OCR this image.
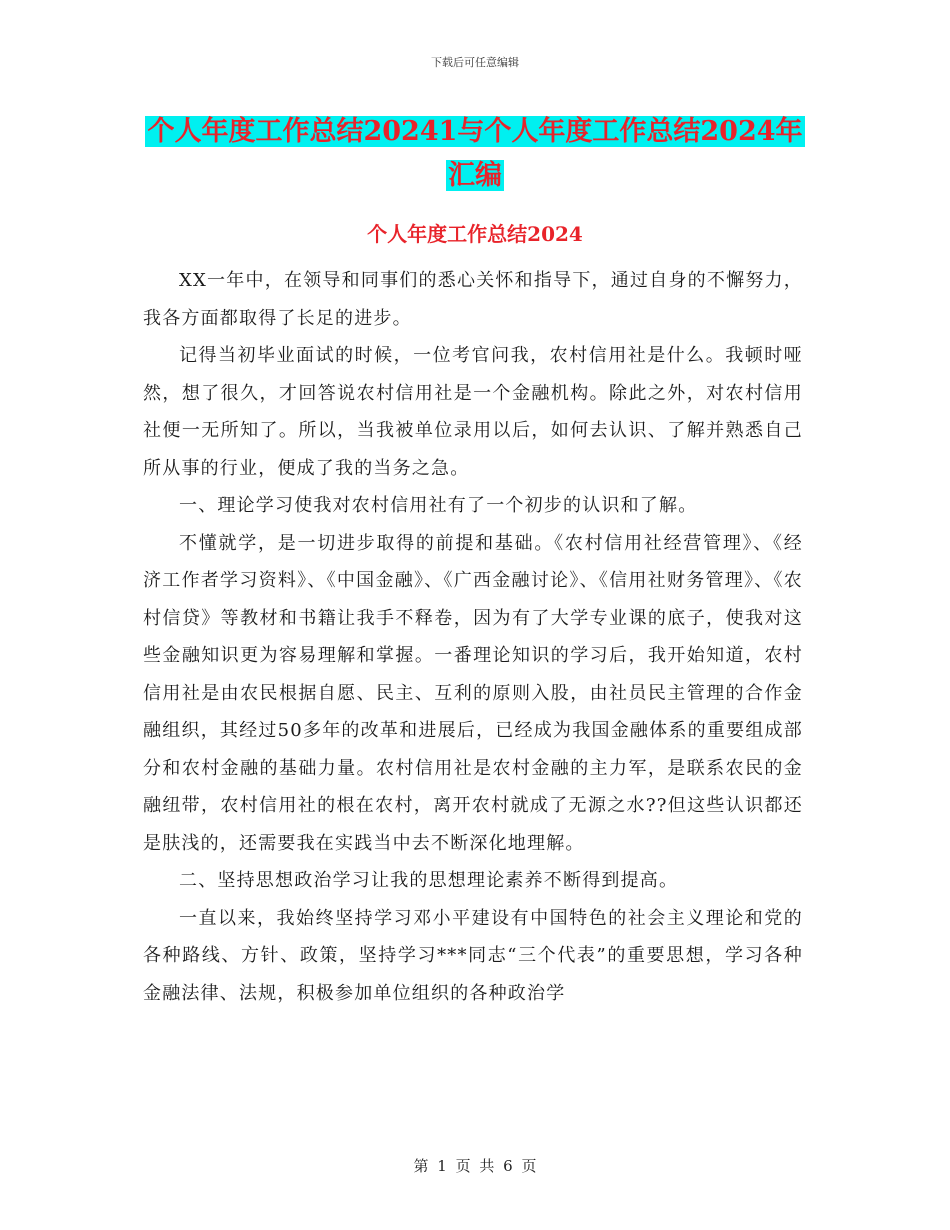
下载后可任意编辑
个人年度工作总结20241与个人年度工作总结2024年
汇编
个人年度工作总结2024

XX一年中，在领导和同事们的悉心关怀和指导下，通过自身的不懈努力，我各方面都取得了长足的进步。

记得当初毕业面试的时候，一位考官问我，农村信用社是什么。我顿时哑然，想了很久，才回答说农村信用社是一个金融机构。除此之外，对农村信用社便一无所知了。所以，当我被单位录用以后，如何去认识、了解并熟悉自己所从事的行业，便成了我的当务之急。

一、理论学习使我对农村信用社有了一个初步的认识和了解。

不懂就学，是一切进步取得的前提和基础。《农村信用社经营管理》、《经济工作者学习资料》、《中国金融》、《广西金融讨论》、《信用社财务管理》、《农村信贷》等教材和书籍让我手不释卷，因为有了大学专业课的底子，使我对这些金融知识更为容易理解和掌握。一番理论知识的学习后，我开始知道，农村信用社是由农民根据自愿、民主、互利的原则入股，由社员民主管理的合作金融组织，其经过50多年的改革和进展后，已经成为我国金融体系的重要组成部分和农村金融的基础力量。农村信用社是农村金融的主力军，是联系农民的金融纽带，农村信用社的根在农村，离开农村就成了无源之水??但这些认识都还是肤浅的，还需要我在实践当中去不断深化地理解。

二、坚持思想政治学习让我的思想理论素养不断得到提高。

一直以来，我始终坚持学习邓小平建设有中国特色的社会主义理论和党的各种路线、方针、政策，坚持学习***同志“三个代表”的重要思想，学习各种金融法律、法规，积极参加单位组织的各种政治学

第 1 页 共 6 页
